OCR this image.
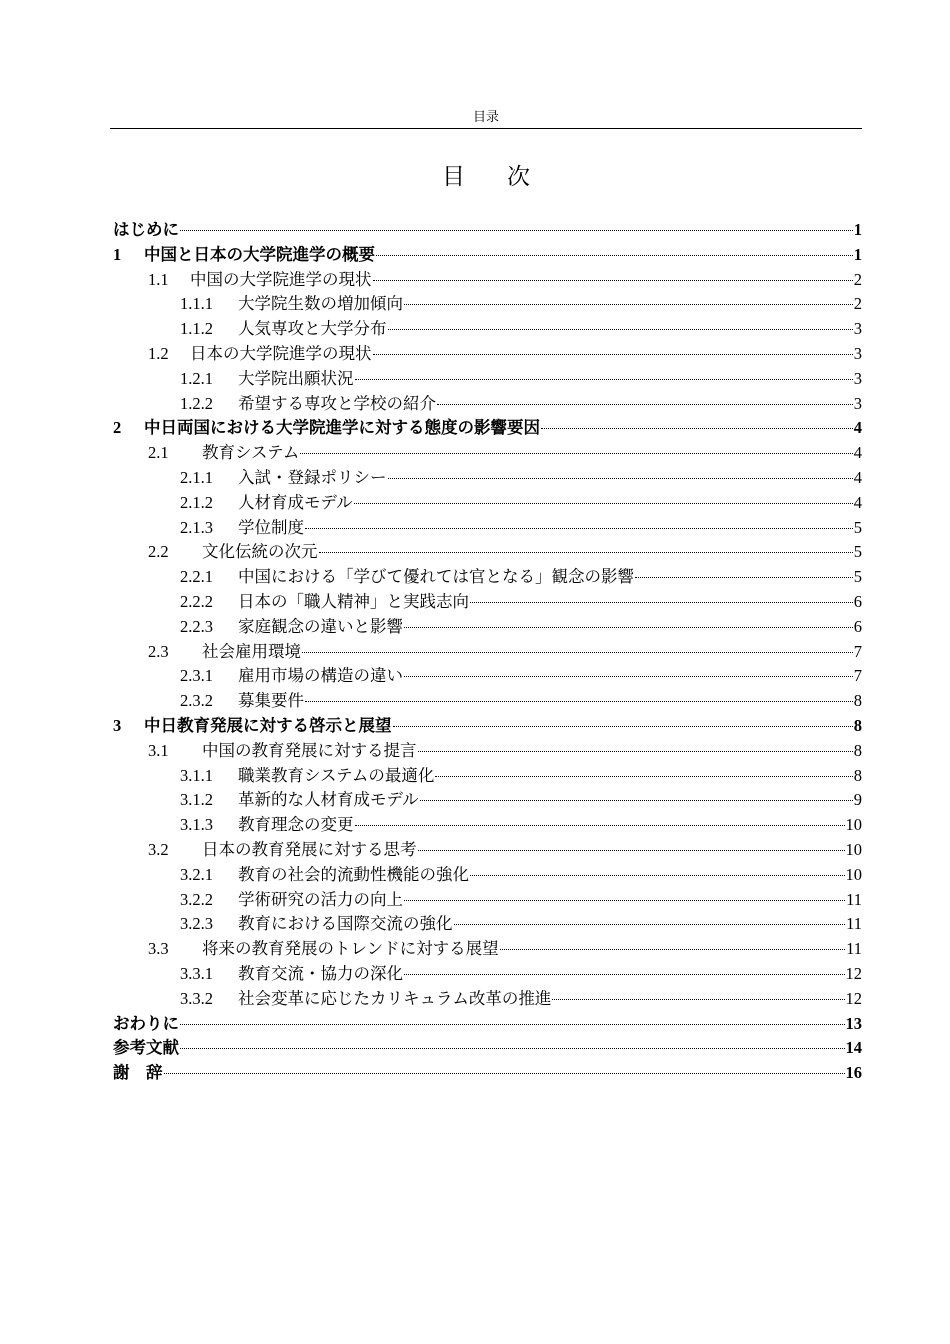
目录
目 次
はじめに	1
1	中国と日本の大学院進学の概要	1
1.1	中国の大学院進学の現状	2
1.1.1	大学院生数の増加傾向	2
1.1.2	人気専攻と大学分布	3
1.2	日本の大学院進学の現状	3
1.2.1	大学院出願状況	3
1.2.2	希望する専攻と学校の紹介	3
2	中日両国における大学院進学に対する態度の影響要因	4
2.1	教育システム	4
2.1.1	入試・登録ポリシー	4
2.1.2	人材育成モデル	4
2.1.3	学位制度	5
2.2	文化伝統の次元	5
2.2.1	中国における「学びて優れては官となる」観念の影響	5
2.2.2	日本の「職人精神」と実践志向	6
2.2.3	家庭観念の違いと影響	6
2.3	社会雇用環境	7
2.3.1	雇用市場の構造の違い	7
2.3.2	募集要件	8
3	中日教育発展に対する啓示と展望	8
3.1	中国の教育発展に対する提言	8
3.1.1	職業教育システムの最適化	8
3.1.2	革新的な人材育成モデル	9
3.1.3	教育理念の変更	10
3.2	日本の教育発展に対する思考	10
3.2.1	教育の社会的流動性機能の強化	10
3.2.2	学術研究の活力の向上	11
3.2.3	教育における国際交流の強化	11
3.3	将来の教育発展のトレンドに対する展望	11
3.3.1	教育交流・協力の深化	12
3.3.2	社会変革に応じたカリキュラム改革の推進	12
おわりに	13
参考文献	14
謝　辞	16
